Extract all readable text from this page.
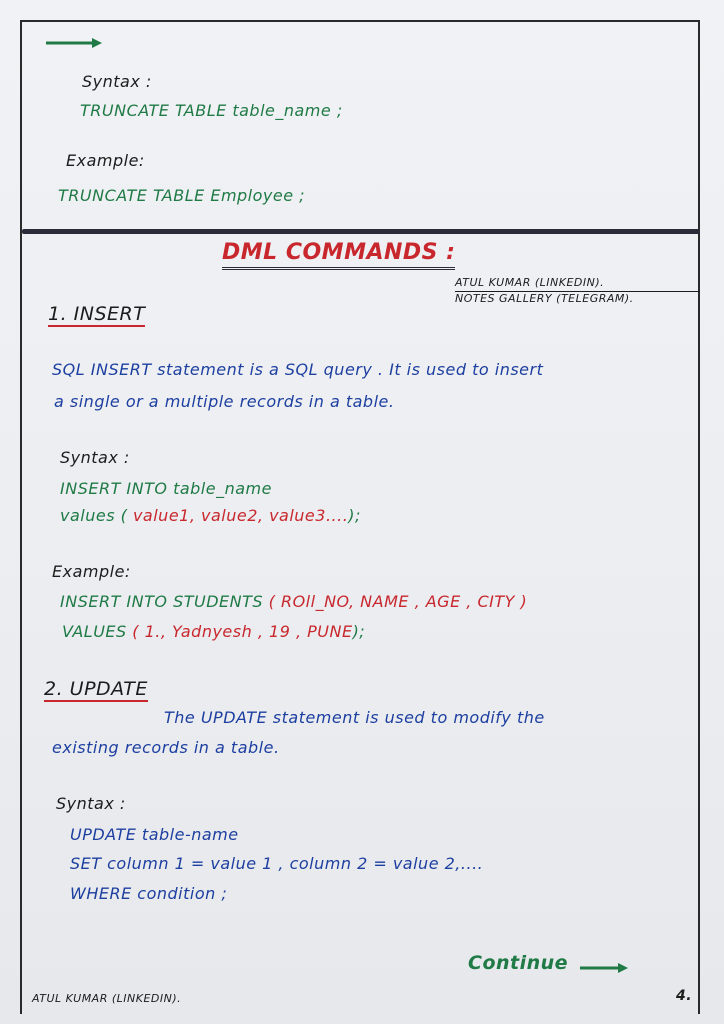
Syntax :
TRUNCATE TABLE table_name ;
Example:
TRUNCATE TABLE Employee ;
DML COMMANDS :
ATUL KUMAR (LINKEDIN).
NOTES GALLERY (TELEGRAM).
1. INSERT
SQL INSERT statement is a SQL query . It is used to insert
a single or a multiple records in a table.
Syntax :
INSERT INTO table_name
values ( value1, value2, value3....);
Example:
INSERT INTO STUDENTS ( ROll_NO, NAME , AGE , CITY )
VALUES ( 1., Yadnyesh , 19 , PUNE);
2. UPDATE
The UPDATE statement is used to modify the
existing records in a table.
Syntax :
UPDATE table-name
SET column 1 = value 1 , column 2 = value 2,....
WHERE condition ;
Continue
ATUL KUMAR (LINKEDIN).	4.
